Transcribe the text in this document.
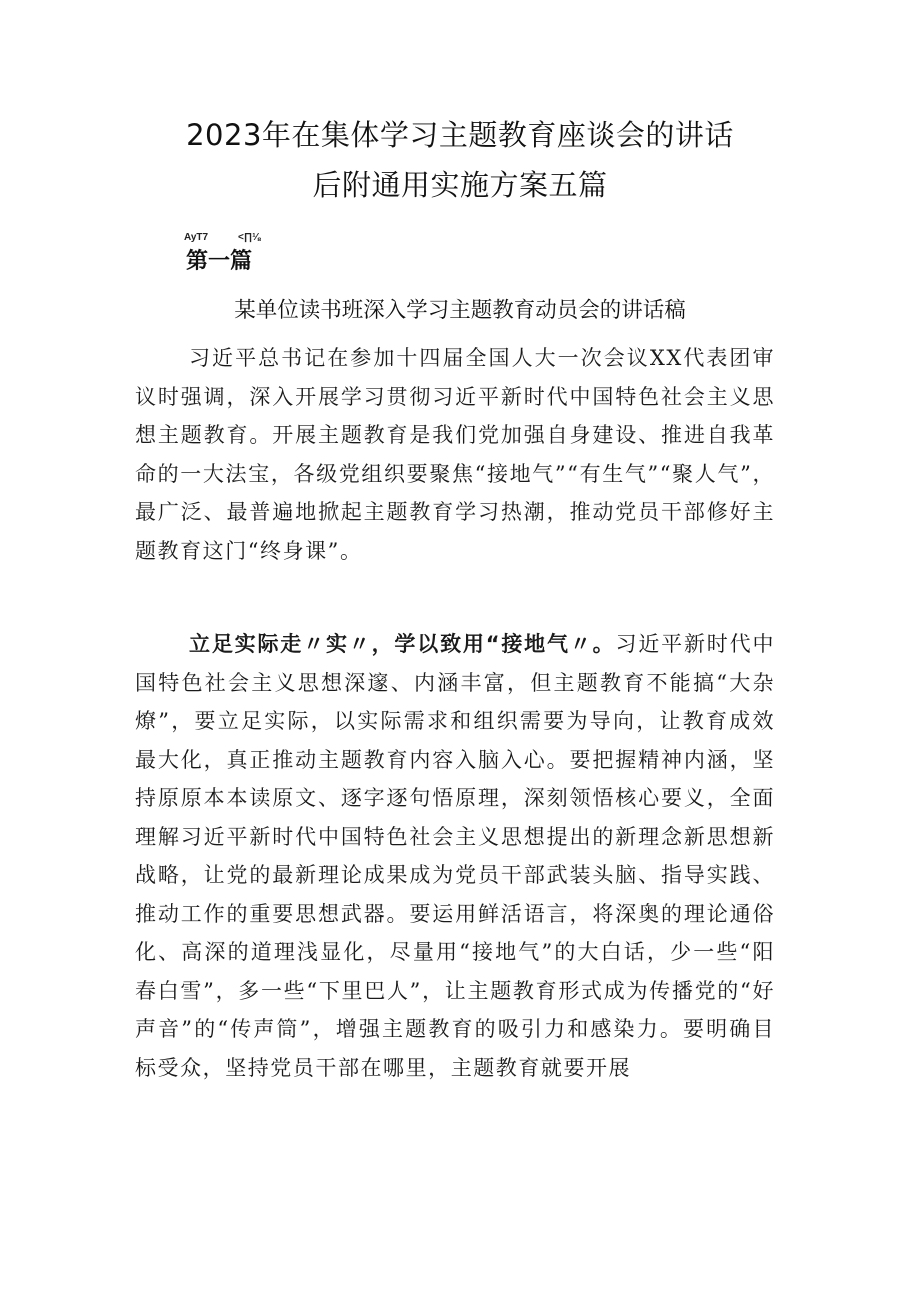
2023年在集体学习主题教育座谈会的讲话
后附通用实施方案五篇
AyT7	<∏⅛
第一篇
某单位读书班深入学习主题教育动员会的讲话稿

习近平总书记在参加十四届全国人大一次会议XX代表团审议时强调，深入开展学习贯彻习近平新时代中国特色社会主义思想主题教育。开展主题教育是我们党加强自身建设、推进自我革命的一大法宝，各级党组织要聚焦“接地气”“有生气”“聚人气”，最广泛、最普遍地掀起主题教育学习热潮，推动党员干部修好主题教育这门“终身课”。

立足实际走〃实〃，学以致用“接地气〃。习近平新时代中国特色社会主义思想深邃、内涵丰富，但主题教育不能搞“大杂燎”，要立足实际，以实际需求和组织需要为导向，让教育成效最大化，真正推动主题教育内容入脑入心。要把握精神内涵，坚持原原本本读原文、逐字逐句悟原理，深刻领悟核心要义，全面理解习近平新时代中国特色社会主义思想提出的新理念新思想新战略，让党的最新理论成果成为党员干部武装头脑、指导实践、推动工作的重要思想武器。要运用鲜活语言，将深奥的理论通俗化、高深的道理浅显化，尽量用“接地气”的大白话，少一些“阳春白雪”，多一些“下里巴人”，让主题教育形式成为传播党的“好声音”的“传声筒”，增强主题教育的吸引力和感染力。要明确目标受众，坚持党员干部在哪里，主题教育就要开展
